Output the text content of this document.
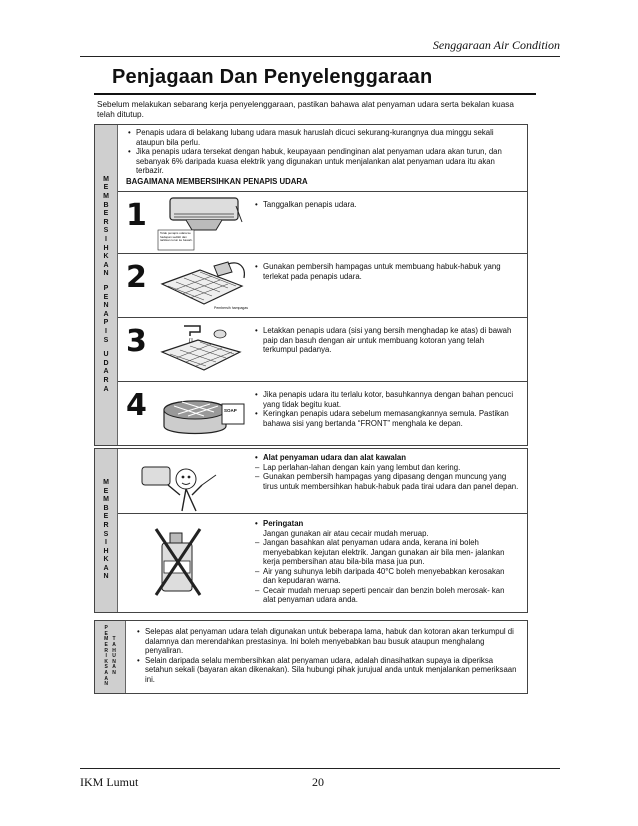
Senggaraan Air Condition
Penjagaan Dan Penyelenggaraan
Sebelum melakukan sebarang kerja penyelenggaraan, pastikan bahawa alat penyaman udara serta bekalan kuasa telah ditutup.
M
E
M
B
E
R
S
I
H
K
A
N
P
E
N
A
P
I
S
U
D
A
R
A
• Penapis udara di belakang lubang udara masuk haruslah dicuci sekurang-kurangnya dua minggu sekali ataupun bila perlu.
• Jika penapis udara tersekat dengan habuk, keupayaan pendinginan alat penyaman udara akan turun, dan sebanyak 6% daripada kuasa elektrik yang digunakan untuk menjalankan alat penyaman udara itu akan terbazir.
BAGAIMANA MEMBERSIHKAN PENAPIS UDARA
1	Tolak penapis udara ke hadapan sedikit dan tarikkan turun ke bawah.
• Tanggalkan penapis udara.
2
Pembersih hampagas
• Gunakan pembersih hampagas untuk membuang habuk-habuk yang terlekat pada penapis udara.
3
•	Letakkan penapis udara (sisi yang bersih menghadap ke atas) di bawah paip dan basuh dengan air untuk membuang kotoran yang telah terkumpul padanya.
4	SOAP
• Jika penapis udara itu terlalu kotor, basuhkannya dengan bahan pencuci yang tidak begitu kuat.
• Keringkan penapis udara sebelum memasangkannya semula. Pastikan bahawa sisi yang bertanda “FRONT” menghala ke depan.
M
E
M
B
E
R
S
I
H
K
A
N
• Alat penyaman udara dan alat kawalan
– Lap perlahan-lahan dengan kain yang lembut dan kering.
– Gunakan pembersih hampagas yang dipasang dengan muncung yang tirus untuk membersihkan habuk-habuk pada tirai udara dan panel depan.
• Peringatan
Jangan gunakan air atau cecair mudah meruap.
– Jangan basahkan alat penyaman udara anda, kerana ini boleh menyebabkan kejutan elektrik. Jangan gunakan air bila men- jalankan kerja pembersihan atau bila-bila masa jua pun.
– Air yang suhunya lebih daripada 40°C boleh menyebabkan kerosakan dan kepudaran warna.
– Cecair mudah meruap seperti pencair dan benzin boleh merosak- kan alat penyaman udara anda.
P
E
M
E
R
I
K
S
A
A
N
T
A
H
U
N
A
N
• Selepas alat penyaman udara telah digunakan untuk beberapa lama, habuk dan kotoran akan terkumpul di dalamnya dan merendahkan prestasinya. Ini boleh menyebabkan bau busuk ataupun menghalang penyaliran.
• Selain daripada selalu membersihkan alat penyaman udara, adalah dinasihatkan supaya ia diperiksa setahun sekali (bayaran akan dikenakan). Sila hubungi pihak jurujual anda untuk menjalankan pemeriksaan ini.
IKM Lumut	20
